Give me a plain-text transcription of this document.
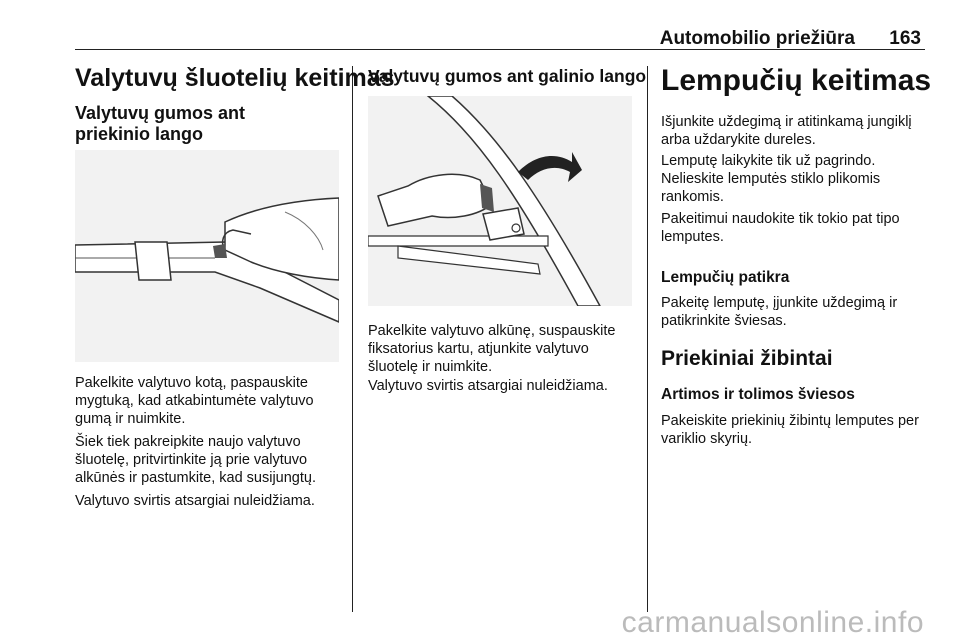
Automobilio priežiūra 163
Valytuvų šluotelių keitimas
Valytuvų gumos ant priekinio lango

Pakelkite valytuvo kotą, paspauskite mygtuką, kad atkabintumėte valytuvo gumą ir nuimkite.

Šiek tiek pakreipkite naujo valytuvo šluotelę, pritvirtinkite ją prie valytuvo alkūnės ir pastumkite, kad susijungtų.

Valytuvo svirtis atsargiai nuleidžiama.

Valytuvų gumos ant galinio lango

Pakelkite valytuvo alkūnę, suspauskite fiksatorius kartu, atjunkite valytuvo šluotelę ir nuimkite.

Valytuvo svirtis atsargiai nuleidžiama.

Lempučių keitimas

Išjunkite uždegimą ir atitinkamą jungiklį arba uždarykite dureles.

Lemputę laikykite tik už pagrindo. Nelieskite lemputės stiklo plikomis rankomis.

Pakeitimui naudokite tik tokio pat tipo lemputes.

Lempučių patikra

Pakeitę lemputę, įjunkite uždegimą ir patikrinkite šviesas.

Priekiniai žibintai
Artimos ir tolimos šviesos

Pakeiskite priekinių žibintų lemputes per variklio skyrių.

carmanualsonline.info
